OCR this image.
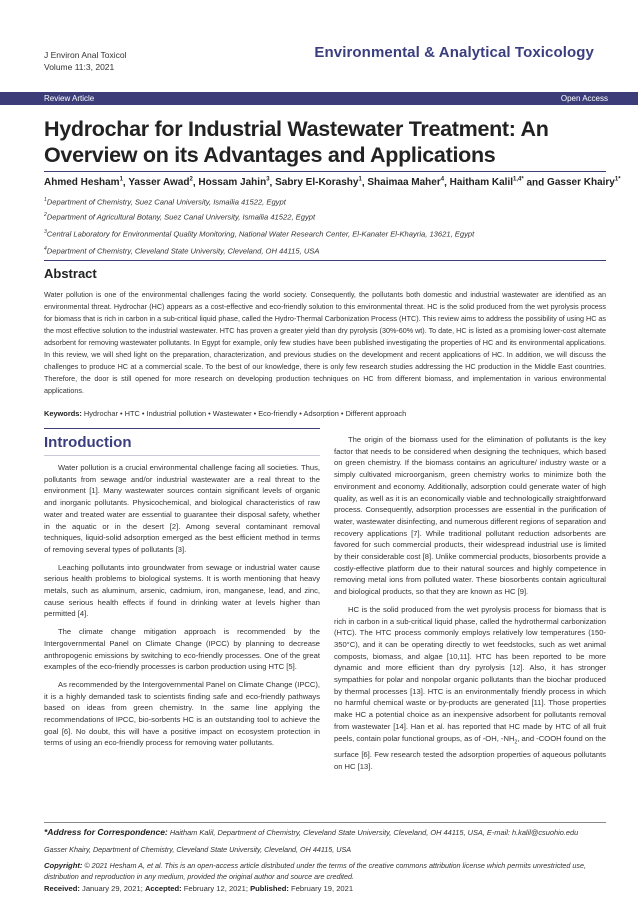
J Environ Anal Toxicol
Volume 11:3, 2021
Environmental & Analytical Toxicology
Review Article	Open Access
Hydrochar for Industrial Wastewater Treatment: An Overview on its Advantages and Applications
Ahmed Hesham$^1$, Yasser Awad$^2$, Hossam Jahin$^3$, Sabry El-Korashy$^1$, Shaimaa Maher$^4$, Haitham Kalil$^{1,4*}$ and Gasser Khairy$^{1*}$
$^1$Department of Chemistry, Suez Canal University, Ismailia 41522, Egypt
$^2$Department of Agricultural Botany, Suez Canal University, Ismailia 41522, Egypt
$^3$Central Laboratory for Environmental Quality Monitoring, National Water Research Center, El-Kanater El-Khayria, 13621, Egypt
$^4$Department of Chemistry, Cleveland State University, Cleveland, OH 44115, USA
Abstract
Water pollution is one of the environmental challenges facing the world society. Consequently, the pollutants both domestic and industrial wastewater are identified as an environmental threat. Hydrochar (HC) appears as a cost-effective and eco-friendly solution to this environmental threat. HC is the solid produced from the wet pyrolysis process for biomass that is rich in carbon in a sub-critical liquid phase, called the Hydro-Thermal Carbonization Process (HTC). This review aims to address the possibility of using HC as the most effective solution to the industrial wastewater. HTC has proven a greater yield than dry pyrolysis (30%-60% wt). To date, HC is listed as a promising lower-cost alternate adsorbent for removing wastewater pollutants. In Egypt for example, only few studies have been published investigating the properties of HC and its environmental applications. In this review, we will shed light on the preparation, characterization, and previous studies on the development and recent applications of HC. In addition, we will discuss the challenges to produce HC at a commercial scale. To the best of our knowledge, there is only few research studies addressing the HC production in the Middle East countries. Therefore, the door is still opened for more research on developing production techniques on HC from different biomass, and implementation in various environmental applications.
Keywords: Hydrochar • HTC • Industrial pollution • Wastewater • Eco-friendly • Adsorption • Different approach
Introduction

Water pollution is a crucial environmental challenge facing all societies. Thus, pollutants from sewage and/or industrial wastewater are a real threat to the environment [1]. Many wastewater sources contain significant levels of organic and inorganic pollutants. Physicochemical, and biological characteristics of raw water and treated water are essential to guarantee their disposal safety, whether in the aquatic or in the desert [2]. Among several contaminant removal techniques, liquid-solid adsorption emerged as the best efficient method in terms of removing several types of pollutants [3].

Leaching pollutants into groundwater from sewage or industrial water cause serious health problems to biological systems. It is worth mentioning that heavy metals, such as aluminum, arsenic, cadmium, iron, manganese, lead, and zinc, cause serious health effects if found in drinking water at levels higher than permitted [4].

The climate change mitigation approach is recommended by the Intergovernmental Panel on Climate Change (IPCC) by planning to decrease anthropogenic emissions by switching to eco-friendly processes. One of the great examples of the eco-friendly processes is carbon production using HTC [5].

As recommended by the Intergovernmental Panel on Climate Change (IPCC), it is a highly demanded task to scientists finding safe and eco-friendly pathways based on ideas from green chemistry. In the same line applying the recommendations of IPCC, bio-sorbents HC is an outstanding tool to achieve the goal [6]. No doubt, this will have a positive impact on ecosystem protection in terms of using an eco-friendly process for removing water pollutants.

The origin of the biomass used for the elimination of pollutants is the key factor that needs to be considered when designing the techniques, which based on green chemistry. If the biomass contains an agriculture/ industry waste or a simply cultivated microorganism, green chemistry works to minimize both the environment and economy. Additionally, adsorption could generate water of high quality, as well as it is an economically viable and technologically straightforward process. Consequently, adsorption processes are essential in the purification of water, wastewater disinfecting, and numerous different regions of separation and recovery applications [7]. While traditional pollutant reduction adsorbents are favored for such commercial products, their widespread industrial use is limited by their considerable cost [8]. Unlike commercial products, biosorbents provide a costly-effective platform due to their natural sources and highly competence in removing metal ions from polluted water. These biosorbents contain agricultural and biological products, so that they are known as HC [9].

HC is the solid produced from the wet pyrolysis process for biomass that is rich in carbon in a sub-critical liquid phase, called the hydrothermal carbonization (HTC). The HTC process commonly employs relatively low temperatures (150-350°C), and it can be operating directly to wet feedstocks, such as wet animal composts, biomass, and algae [10,11]. HTC has been reported to be more dynamic and more efficient than dry pyrolysis [12]. Also, it has stronger sympathies for polar and nonpolar organic pollutants than the biochar produced by thermal processes [13]. HTC is an environmentally friendly process in which no harmful chemical waste or by-products are generated [11]. Those properties make HC a potential choice as an inexpensive adsorbent for pollutants removal from wastewater [14]. Han et al. has reported that HC made by HTC of all fruit peels, contain polar functional groups, as of -OH, $-NH_2$, and -COOH found on the surface [6]. Few research tested the adsorption properties of aqueous pollutants on HC [13].

*Address for Correspondence: Haitham Kalil, Department of Chemistry, Cleveland State University, Cleveland, OH 44115, USA, E-mail: h.kalil@csuohio.edu
Gasser Khairy, Department of Chemistry, Cleveland State University, Cleveland, OH 44115, USA
Copyright: © 2021 Hesham A, et al. This is an open-access article distributed under the terms of the creative commons attribution license which permits unrestricted use, distribution and reproduction in any medium, provided the original author and source are credited.
Received: January 29, 2021; Accepted: February 12, 2021; Published: February 19, 2021
